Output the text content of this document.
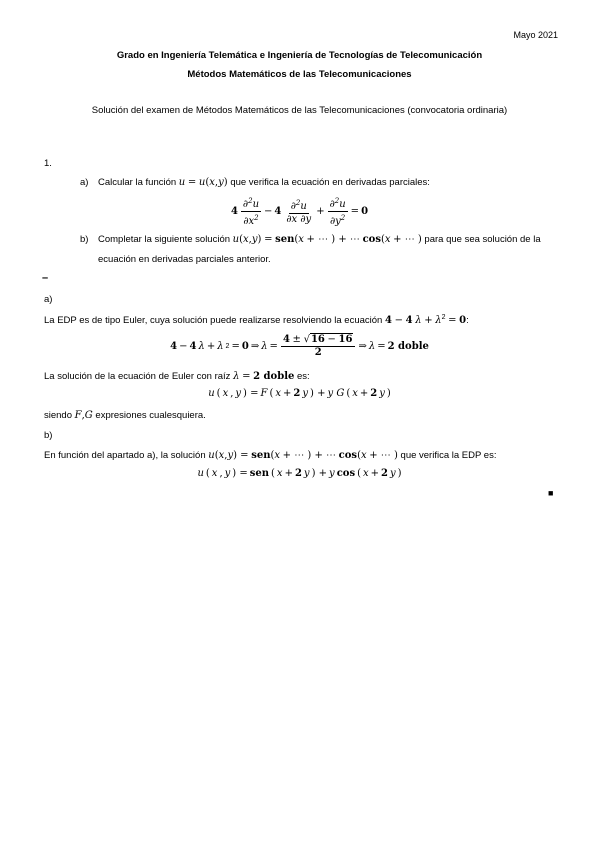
Mayo 2021
Grado en Ingeniería Telemática e Ingeniería de Tecnologías de Telecomunicación
Métodos Matemáticos de las Telecomunicaciones
Solución del examen de Métodos Matemáticos de las Telecomunicaciones (convocatoria ordinaria)
1.
a) Calcular la función u = u(x,y) que verifica la ecuación en derivadas parciales:
$4 \frac{\partial^2u}{\partial x^2} - 4 \frac{\partial^2u}{\partial x \partial y} + \frac{\partial^2u}{\partial y^2} = 0$
b) Completar la siguiente solución u(x,y) = sen(x + ⋯ ) + ⋯ cos(x + ⋯ ) para que sea solución de la
ecuación en derivadas parciales anterior.
–
a)
La EDP es de tipo Euler, cuya solución puede realizarse resolviendo la ecuación 4 − 4 $\lambda + \lambda^2 = 0$:
4 − 4 λ + λ 2 = 0 ⇒ $\lambda = \frac{4 \pm √16 - 16}{2}$ ⇒ λ = 2 doble
La solución de la ecuación de Euler con raíz λ = 2 doble es:
u ( x , y ) = F ( x + 2 y ) + y G ( x + 2 y )
siendo F,G expresiones cualesquiera.
b)
En función del apartado a), la solución u(x,y) = sen(x + ⋯ ) + ⋯ cos(x + ⋯ ) que verifica la EDP es:
u ( x , y ) = sen ( x + 2 y ) + y cos ( x + 2 y )
■
